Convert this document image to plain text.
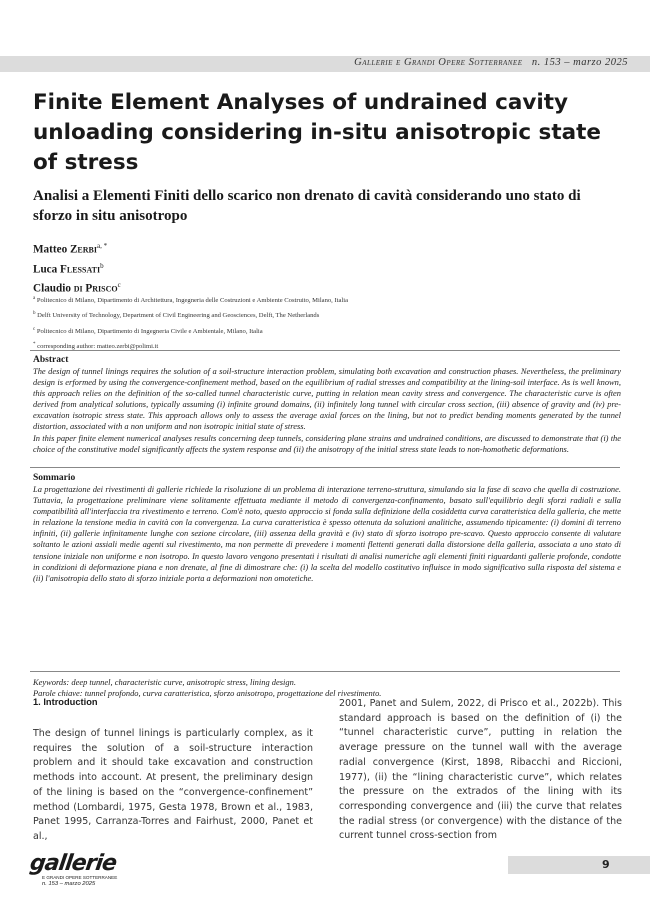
Gallerie e Grandi Opere Sotterranee n. 153 – marzo 2025
Finite Element Analyses of undrained cavity
unloading considering in-situ anisotropic state
of stress
Analisi a Elementi Finiti dello scarico non drenato di cavità considerando uno stato di
sforzo in situ anisotropo
Matteo Zerbi$^{a, *}$
Luca Flessati$^b$
Claudio di Prisco$^c$
$^a$ Politecnico di Milano, Dipartimento di Architettura, Ingegneria delle Costruzioni e Ambiente Costruito, Milano, Italia
$^b$ Delft University of Technology, Department of Civil Engineering and Geosciences, Delft, The Netherlands
$^c$ Politecnico di Milano, Dipartimento di Ingegneria Civile e Ambientale, Milano, Italia
* corresponding author: matteo.zerbi@polimi.it
Abstract

The design of tunnel linings requires the solution of a soil-structure interaction problem, simulating both excavation and construction phases. Nevertheless, the preliminary design is erformed by using the convergence-confinement method, based on the equilibrium of radial stresses and compatibility at the lining-soil interface. As is well known, this approach relies on the definition of the so-called tunnel characteristic curve, putting in relation mean cavity stress and convergence. The characteristic curve is often derived from analytical solutions, typically assuming (i) infinite ground domains, (ii) infinitely long tunnel with circular cross section, (iii) absence of gravity and (iv) pre-excavation isotropic stress state. This approach allows only to assess the average axial forces on the lining, but not to predict bending moments generated by the tunnel distortion, associated with a non uniform and non isotropic initial state of stress.

In this paper finite element numerical analyses results concerning deep tunnels, considering plane strains and undrained conditions, are discussed to demonstrate that (i) the choice of the constitutive model significantly affects the system response and (ii) the anisotropy of the initial stress state leads to non-homothetic deformations.

Sommario

La progettazione dei rivestimenti di gallerie richiede la risoluzione di un problema di interazione terreno-struttura, simulando sia la fase di scavo che quella di costruzione. Tuttavia, la progettazione preliminare viene solitamente effettuata mediante il metodo di convergenza-confinamento, basato sull'equilibrio degli sforzi radiali e sulla compatibilità all'interfaccia tra rivestimento e terreno. Com'è noto, questo approccio si fonda sulla definizione della cosiddetta curva caratteristica della galleria, che mette in relazione la tensione media in cavità con la convergenza. La curva caratteristica è spesso ottenuta da soluzioni analitiche, assumendo tipicamente: (i) domini di terreno infiniti, (ii) gallerie infinitamente lunghe con sezione circolare, (iii) assenza della gravità e (iv) stato di sforzo isotropo pre-scavo. Questo approccio consente di valutare soltanto le azioni assiali medie agenti sul rivestimento, ma non permette di prevedere i momenti flettenti generati dalla distorsione della galleria, associata a uno stato di tensione iniziale non uniforme e non isotropo. In questo lavoro vengono presentati i risultati di analisi numeriche agli elementi finiti riguardanti gallerie profonde, condotte in condizioni di deformazione piana e non drenate, al fine di dimostrare che: (i) la scelta del modello costitutivo influisce in modo significativo sulla risposta del sistema e (ii) l'anisotropia dello stato di sforzo iniziale porta a deformazioni non omotetiche.

Keywords: deep tunnel, characteristic curve, anisotropic stress, lining design.
Parole chiave: tunnel profondo, curva caratteristica, sforzo anisotropo, progettazione del rivestimento.
1. Introduction
The design of tunnel linings is particularly complex, as it requires the solution of a soil-structure interaction problem and it should take excavation and construction methods into account. At present, the preliminary design of the lining is based on the “convergence-confinement” method (Lombardi, 1975, Gesta 1978, Brown et al., 1983, Panet 1995, Carranza-Torres and Fairhust, 2000, Panet et al.,
2001, Panet and Sulem, 2022, di Prisco et al., 2022b). This standard approach is based on the definition of (i) the “tunnel characteristic curve”, putting in relation the average pressure on the tunnel wall with the average radial convergence (Kirst, 1898, Ribacchi and Riccioni, 1977), (ii) the “lining characteristic curve”, which relates the pressure on the extrados of the lining with its corresponding convergence and (iii) the curve that relates the radial stress (or convergence) with the distance of the current tunnel cross-section from
9
gallerie
E GRANDI OPERE SOTTERRANEE
n. 153 – marzo 2025
